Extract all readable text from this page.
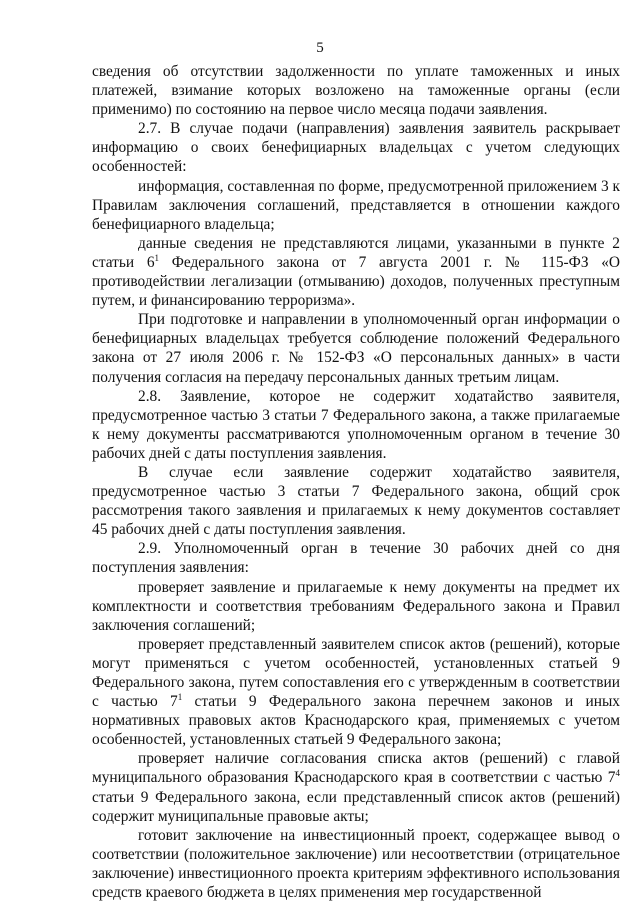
5

сведения об отсутствии задолженности по уплате таможенных и иных платежей, взимание которых возложено на таможенные органы (если применимо) по состоянию на первое число месяца подачи заявления.

2.7. В случае подачи (направления) заявления заявитель раскрывает информацию о своих бенефициарных владельцах с учетом следующих особенностей:

информация, составленная по форме, предусмотренной приложением 3 к Правилам заключения соглашений, представляется в отношении каждого бенефициарного владельца;

данные сведения не представляются лицами, указанными в пункте 2 статьи $6^1$ Федерального закона от 7 августа 2001 г. № 115-ФЗ «О противодействии легализации (отмыванию) доходов, полученных преступным путем, и финансированию терроризма».

При подготовке и направлении в уполномоченный орган информации о бенефициарных владельцах требуется соблюдение положений Федерального закона от 27 июля 2006 г. № 152-ФЗ «О персональных данных» в части получения согласия на передачу персональных данных третьим лицам.

2.8. Заявление, которое не содержит ходатайство заявителя, предусмотренное частью 3 статьи 7 Федерального закона, а также прилагаемые к нему документы рассматриваются уполномоченным органом в течение 30 рабочих дней с даты поступления заявления.

В случае если заявление содержит ходатайство заявителя, предусмотренное частью 3 статьи 7 Федерального закона, общий срок рассмотрения такого заявления и прилагаемых к нему документов составляет 45 рабочих дней с даты поступления заявления.

2.9. Уполномоченный орган в течение 30 рабочих дней со дня поступления заявления:

проверяет заявление и прилагаемые к нему документы на предмет их комплектности и соответствия требованиям Федерального закона и Правил заключения соглашений;

проверяет представленный заявителем список актов (решений), которые могут применяться с учетом особенностей, установленных статьей 9 Федерального закона, путем сопоставления его с утвержденным в соответствии с частью $7^1$ статьи 9 Федерального закона перечнем законов и иных нормативных правовых актов Краснодарского края, применяемых с учетом особенностей, установленных статьей 9 Федерального закона;

проверяет наличие согласования списка актов (решений) с главой муниципального образования Краснодарского края в соответствии с частью $7^4$ статьи 9 Федерального закона, если представленный список актов (решений) содержит муниципальные правовые акты;

готовит заключение на инвестиционный проект, содержащее вывод о соответствии (положительное заключение) или несоответствии (отрицательное заключение) инвестиционного проекта критериям эффективного использования средств краевого бюджета в целях применения мер государственной
